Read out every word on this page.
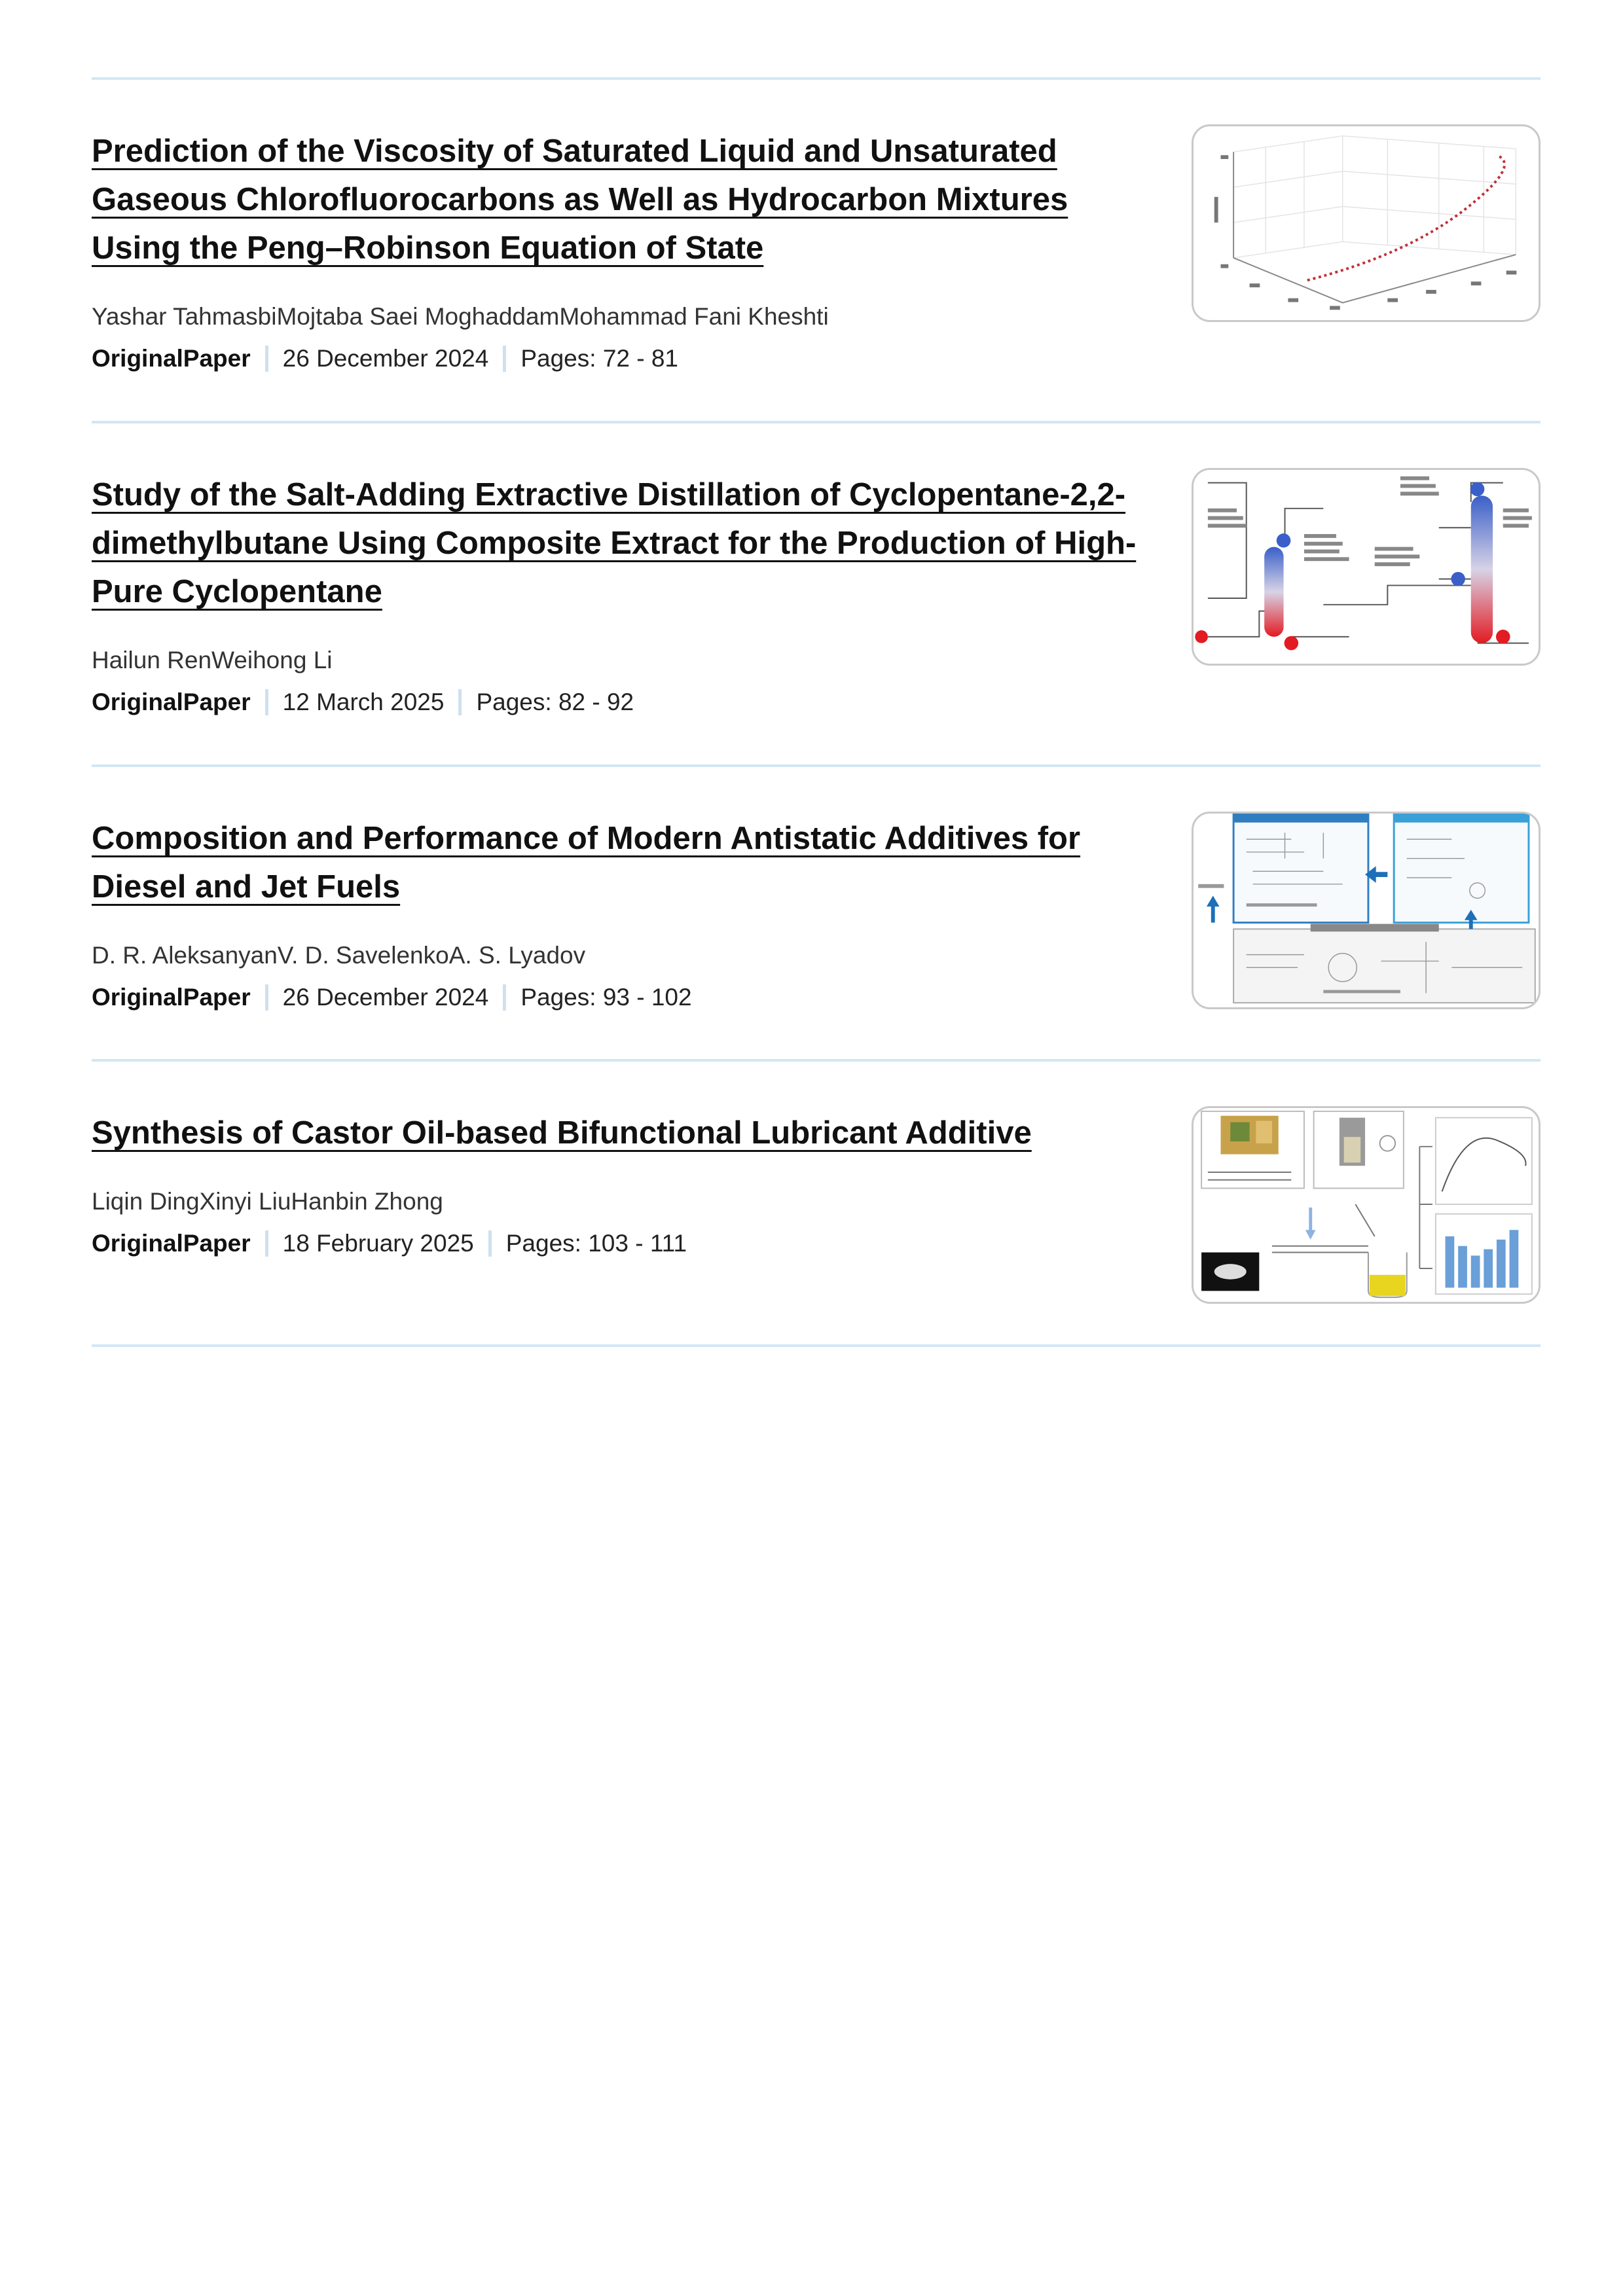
Prediction of the Viscosity of Saturated Liquid and Unsaturated Gaseous Chlorofluorocarbons as Well as Hydrocarbon Mixtures Using the Peng–Robinson Equation of State
Yashar TahmasbiMojtaba Saei MoghaddamMohammad Fani Kheshti
OriginalPaper 26 December 2024 Pages: 72 - 81
Study of the Salt-Adding Extractive Distillation of Cyclopentane-2,2-dimethylbutane Using Composite Extract for the Production of High-Pure Cyclopentane
Hailun RenWeihong Li
OriginalPaper 12 March 2025 Pages: 82 - 92
Composition and Performance of Modern Antistatic Additives for Diesel and Jet Fuels
D. R. AleksanyanV. D. SavelenkoA. S. Lyadov
OriginalPaper 26 December 2024 Pages: 93 - 102
Synthesis of Castor Oil-based Bifunctional Lubricant Additive
Liqin DingXinyi LiuHanbin Zhong
OriginalPaper 18 February 2025 Pages: 103 - 111
